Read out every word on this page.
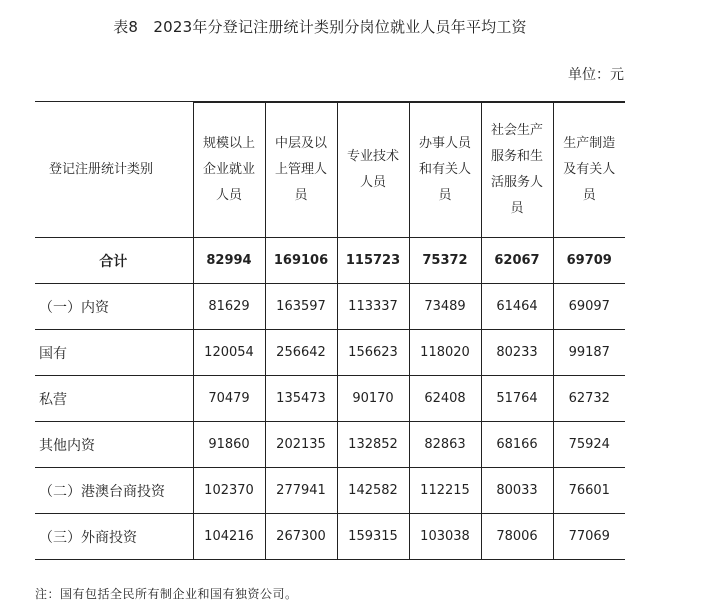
表8　2023年分登记注册统计类别分岗位就业人员年平均工资
单位：元

登记注册统计类别	规模以上企业就业人员	中层及以上管理人员	专业技术人员	办事人员和有关人员	社会生产服务和生活服务人员	生产制造及有关人员
合计	82994	169106	115723	75372	62067	69709
（一）内资	81629	163597	113337	73489	61464	69097
国有	120054	256642	156623	118020	80233	99187
私营	70479	135473	90170	62408	51764	62732
其他内资	91860	202135	132852	82863	68166	75924
（二）港澳台商投资	102370	277941	142582	112215	80033	76601
（三）外商投资	104216	267300	159315	103038	78006	77069
注：国有包括全民所有制企业和国有独资公司。
